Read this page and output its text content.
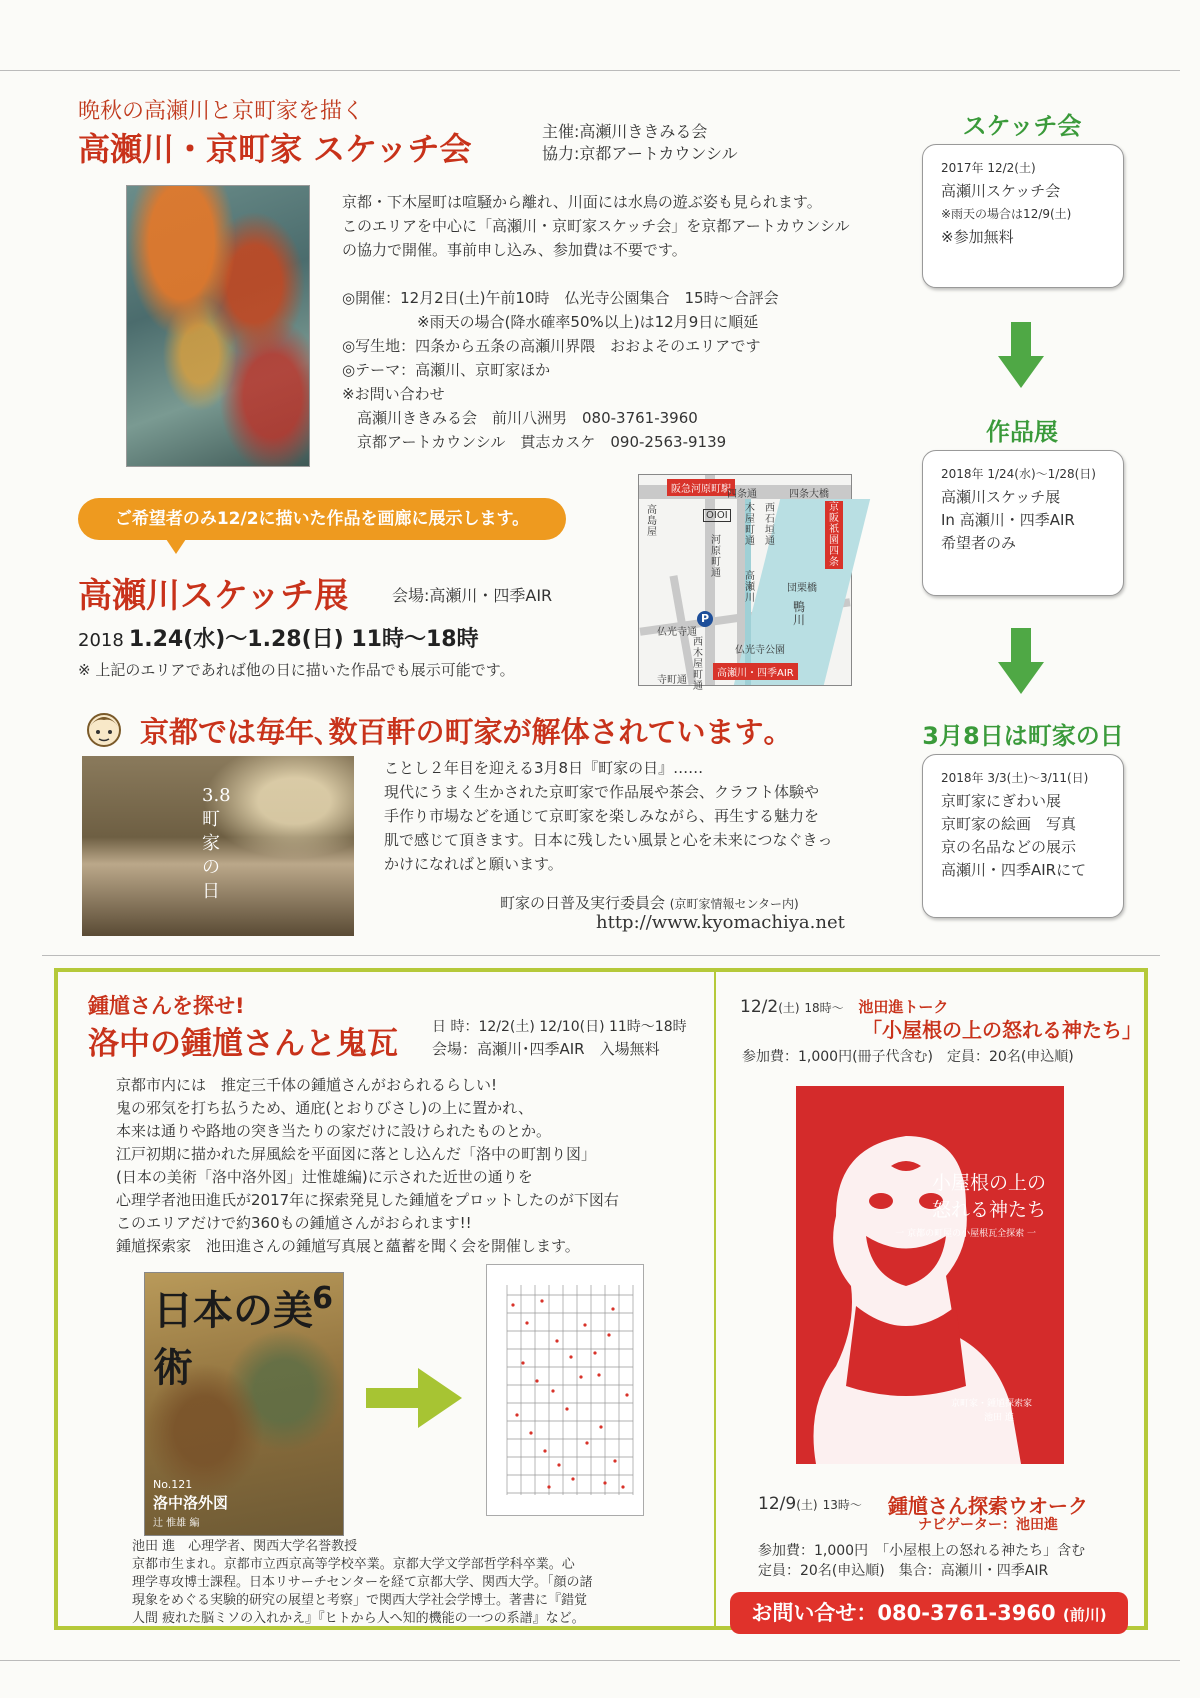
晩秋の高瀬川と京町家を描く
高瀬川・京町家 スケッチ会	主催:高瀬川ききみる会
協力:京都アートカウンシル
京都・下木屋町は喧騒から離れ、川面には水鳥の遊ぶ姿も見られます。
このエリアを中心に「高瀬川・京町家スケッチ会」を京都アートカウンシル
の協力で開催。事前申し込み、参加費は不要です。
◎開催：12月2日(土)午前10時　仏光寺公園集合　15時～合評会
　　　　　※雨天の場合(降水確率50%以上)は12月9日に順延
◎写生地：四条から五条の高瀬川界隈　おおよそのエリアです
◎テーマ：高瀬川、京町家ほか
※お問い合わせ
　高瀬川ききみる会　前川八洲男　080-3761-3960
　京都アートカウンシル　貫志カスケ　090-2563-9139
ご希望者のみ12/2に描いた作品を画廊に展示します。
高瀬川スケッチ展	会場:高瀬川・四季AIR
2018 1.24(水)～1.28(日) 11時～18時
※ 上記のエリアであれば他の日に描いた作品でも展示可能です。
阪急河原町駅
四条通	四条大橋
高島屋
OIOI
河原町通
木屋町通
西石垣通
京阪祇園四条
団栗橋
鴨川
高瀬川
仏光寺通
P
仏光寺公園
西木屋町通
寺町通
高瀬川・四季AIR
スケッチ会
2017年 12/2(土)
高瀬川スケッチ会
※雨天の場合は12/9(土)
※参加無料
作品展
2018年 1/24(水)～1/28(日)
高瀬川スケッチ展
In 高瀬川・四季AIR
希望者のみ
3月8日は町家の日
2018年 3/3(土)～3/11(日)
京町家にぎわい展
京町家の絵画　写真
京の名品などの展示
高瀬川・四季AIRにて
京都では毎年､数百軒の町家が解体されています｡
3.8 町家の日
ことし２年目を迎える3月8日『町家の日』……
現代にうまく生かされた京町家で作品展や茶会、クラフト体験や
手作り市場などを通じて京町家を楽しみながら、再生する魅力を
肌で感じて頂きます。日本に残したい風景と心を未来につなぐきっ
かけになればと願います。
町家の日普及実行委員会 (京町家情報センター内)
http://www.kyomachiya.net
鍾馗さんを探せ!
洛中の鍾馗さんと鬼瓦 日 時：12/2(土) 12/10(日) 11時～18時
会場：高瀬川･四季AIR　入場無料
京都市内には　推定三千体の鍾馗さんがおられるらしい!
鬼の邪気を打ち払うため、通庇(とおりびさし)の上に置かれ、
本来は通りや路地の突き当たりの家だけに設けられたものとか。
江戸初期に描かれた屏風絵を平面図に落とし込んだ「洛中の町割り図」
(日本の美術「洛中洛外図」辻惟雄編)に示された近世の通りを
心理学者池田進氏が2017年に探索発見した鍾馗をプロットしたのが下図右
このエリアだけで約360もの鍾馗さんがおられます!!
鍾馗探索家　池田進さんの鍾馗写真展と蘊蓄を聞く会を開催します。
日本の美術
6
No.121
洛中洛外図
辻 惟雄 編
池田 進　心理学者、関西大学名誉教授
京都市生まれ。京都市立西京高等学校卒業。京都大学文学部哲学科卒業。心
理学専攻博士課程。日本リサーチセンターを経て京都大学、関西大学。「顔の諸
現象をめぐる実験的研究の展望と考察」で関西大学社会学博士。著書に『錯覚
人間 疲れた脳ミソの入れかえ』『ヒトから人へ知的機能の一つの系譜』など。
12/2(土) 18時～ 池田進トーク
「小屋根の上の怒れる神たち」
参加費：1,000円(冊子代含む)　定員：20名(申込順)
小屋根の上の
怒れる神たち
一 京都の町屋の小屋根瓦全探索 一
京町家・鍾馗探索家
池田 進
12/9(土) 13時～ 鍾馗さん探索ウオーク
ナビゲーター：池田進
参加費：1,000円　「小屋根上の怒れる神たち」含む
定員：20名(申込順)　集合：高瀬川・四季AIR
お問い合せ：080-3761-3960 (前川)
